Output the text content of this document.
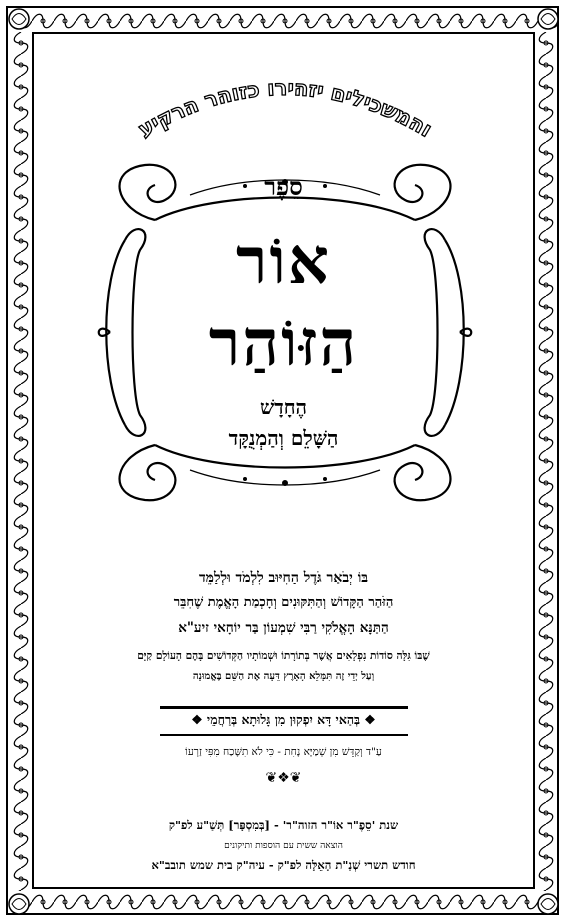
והמשכילים יזהירו כזוהר הרקיע
סֵפֶר
אוֹר
הַזּוֹהַר
הֶחָדָשׁ
הַשָּׁלֵם וְהַמְנֻקָּד
בּוֹ יְבֹאַר גֹּדֶל הַחִיּוּב לִלְמֹד וּלְלַמֵּד
הַזֹּהַר הַקָּדוֹשׁ וְהַתִּקּוּנִים וְחָכְמַת הָאֱמֶת שֶׁחִבֵּר
הַתַּנָּא הָאֱלֹקִי רַבִּי שִׁמְעוֹן בַּר יוֹחָאי זיע"א
שֶׁבּוֹ גִּלָּה סוֹדוֹת נִפְלָאִים אֲשֶׁר בְּתוֹרָתוֹ וּשְׁמוֹתָיו הַקְּדוֹשִׁים בָּהֶם הָעוֹלָם קַיָּם
וְעַל יְדֵי זֶה תִּמָּלֵא הָאָרֶץ דֵּעָה אֶת הַשֵּׁם בֶּאֱמוּנָה
❖ בְּהַאי דָּא יִפְקוּן מִן גָּלוּתָא בְּרַחֲמֵי ❖
עַ"ד וְקַדֵּשׁ מִן שְׁמַיָּא נָחִת - כִּי לֹא תִשָּׁכַח מִפִּי זַרְעוֹ
❦❖❦
שנת 'סֵפֶ"ר אוֹ"ר הזוה"ר' - [בְּמִסְפָּר] תְּשַׁ"ע לפ"ק
הוצאה ששית עם הוספות ותיקונים
חודש תשרי שְׁנַ"ת הָאֵלָּה לפ"ק - עיה"ק בית שמש תובב"א
